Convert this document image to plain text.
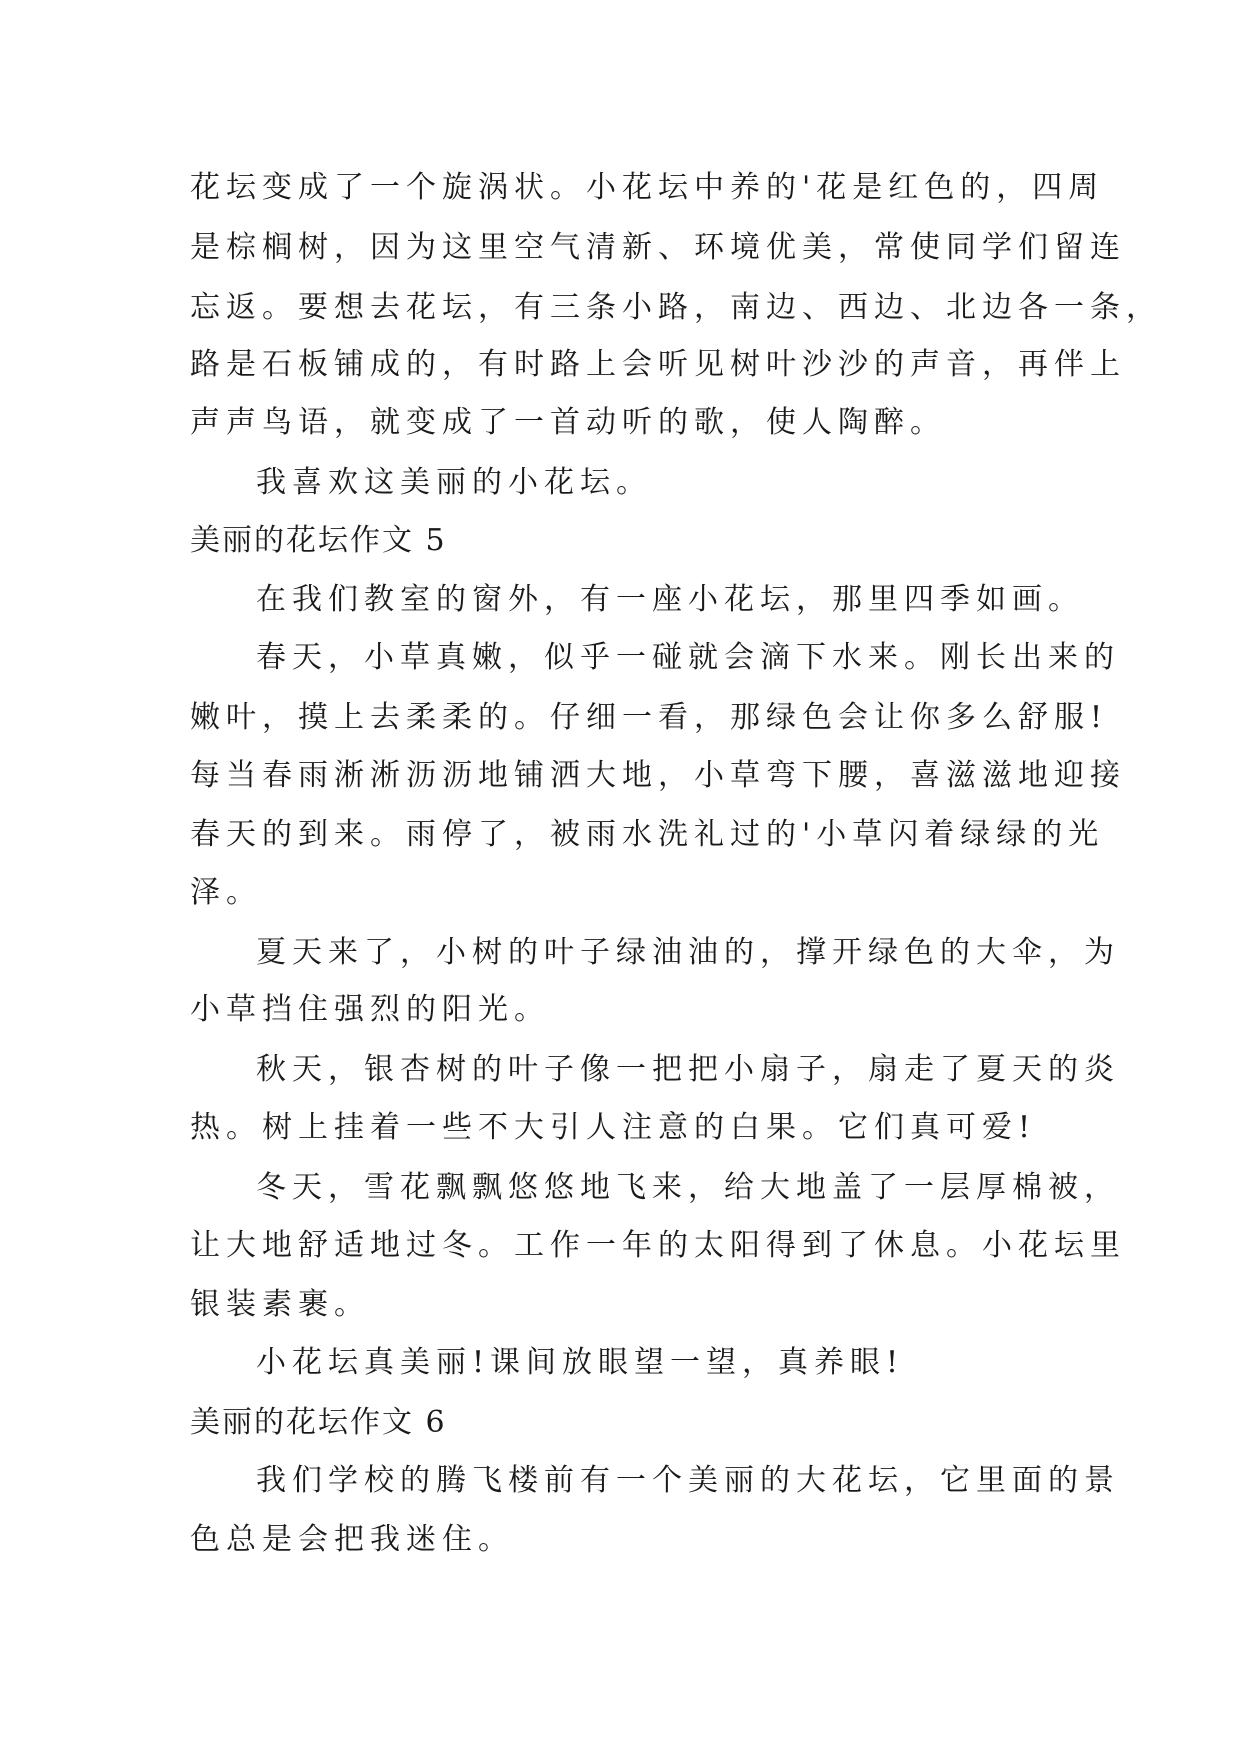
花坛变成了一个旋涡状。小花坛中养的'花是红色的，四周
是棕榈树，因为这里空气清新、环境优美，常使同学们留连
忘返。要想去花坛，有三条小路，南边、西边、北边各一条，
路是石板铺成的，有时路上会听见树叶沙沙的声音，再伴上
声声鸟语，就变成了一首动听的歌，使人陶醉。
我喜欢这美丽的小花坛。
美丽的花坛作文 5
在我们教室的窗外，有一座小花坛，那里四季如画。
春天，小草真嫩，似乎一碰就会滴下水来。刚长出来的
嫩叶，摸上去柔柔的。仔细一看，那绿色会让你多么舒服!
每当春雨淅淅沥沥地铺洒大地，小草弯下腰，喜滋滋地迎接
春天的到来。雨停了，被雨水洗礼过的'小草闪着绿绿的光
泽。
夏天来了，小树的叶子绿油油的，撑开绿色的大伞，为
小草挡住强烈的阳光。
秋天，银杏树的叶子像一把把小扇子，扇走了夏天的炎
热。树上挂着一些不大引人注意的白果。它们真可爱!
冬天，雪花飘飘悠悠地飞来，给大地盖了一层厚棉被，
让大地舒适地过冬。工作一年的太阳得到了休息。小花坛里
银装素裹。
小花坛真美丽!课间放眼望一望，真养眼!
美丽的花坛作文 6
我们学校的腾飞楼前有一个美丽的大花坛，它里面的景
色总是会把我迷住。
